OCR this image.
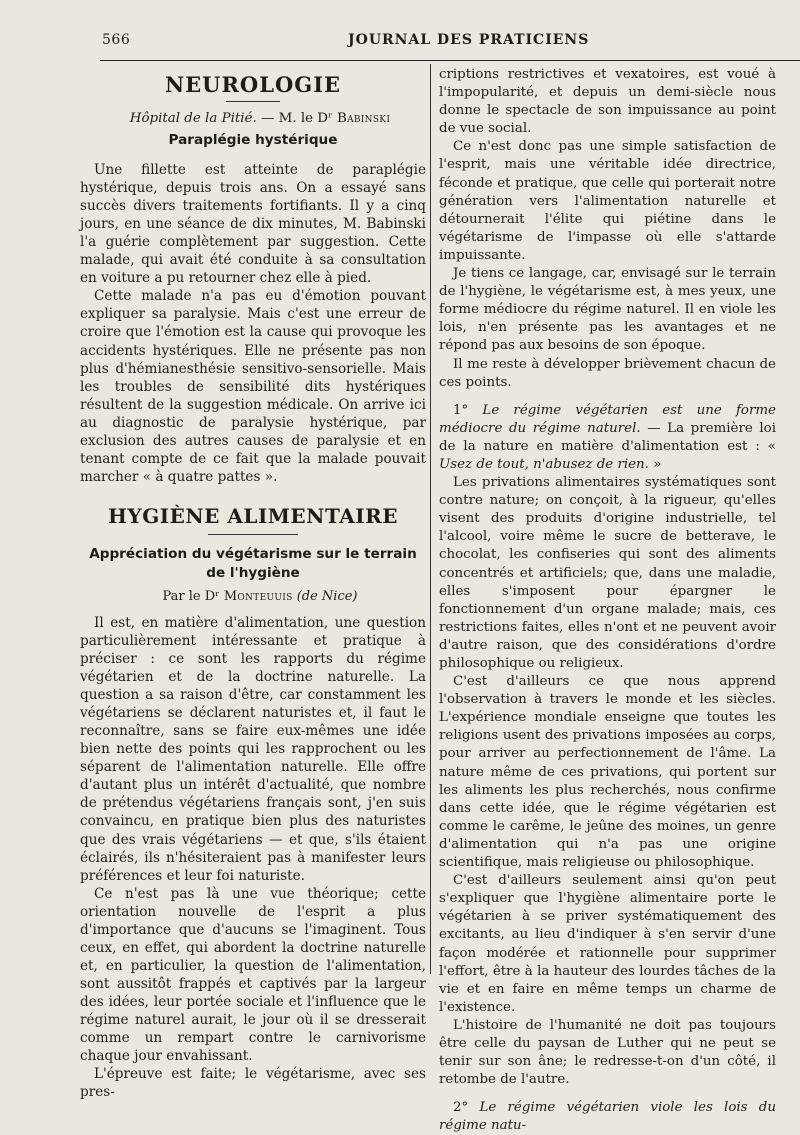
566	JOURNAL DES PRATICIENS
NEUROLOGIE

Hôpital de la Pitié. — M. le Dʳ Babinski

Paraplégie hystérique

Une fillette est atteinte de paraplégie hystérique, depuis trois ans. On a essayé sans succès divers traitements fortifiants. Il y a cinq jours, en une séance de dix minutes, M. Babinski l'a guérie complètement par suggestion. Cette malade, qui avait été conduite à sa consultation en voiture a pu retourner chez elle à pied.

Cette malade n'a pas eu d'émotion pouvant expliquer sa paralysie. Mais c'est une erreur de croire que l'émotion est la cause qui provoque les accidents hystériques. Elle ne présente pas non plus d'hémianesthésie sensitivo-sensorielle. Mais les troubles de sensibilité dits hystériques résultent de la suggestion médicale. On arrive ici au diagnostic de paralysie hystérique, par exclusion des autres causes de paralysie et en tenant compte de ce fait que la malade pouvait marcher « à quatre pattes ».

HYGIÈNE ALIMENTAIRE
Appréciation du végétarisme sur le terrain de l'hygiène

Par le Dʳ Monteuuis (de Nice)

Il est, en matière d'alimentation, une question particulièrement intéressante et pratique à préciser : ce sont les rapports du régime végétarien et de la doctrine naturelle. La question a sa raison d'être, car constamment les végétariens se déclarent naturistes et, il faut le reconnaître, sans se faire eux-mêmes une idée bien nette des points qui les rapprochent ou les séparent de l'alimentation naturelle. Elle offre d'autant plus un intérêt d'actualité, que nombre de prétendus végétariens français sont, j'en suis convaincu, en pratique bien plus des naturistes que des vrais végétariens — et que, s'ils étaient éclairés, ils n'hésiteraient pas à manifester leurs préférences et leur foi naturiste.

Ce n'est pas là une vue théorique; cette orientation nouvelle de l'esprit a plus d'importance que d'aucuns se l'imaginent. Tous ceux, en effet, qui abordent la doctrine naturelle et, en particulier, la question de l'alimentation, sont aussitôt frappés et captivés par la largeur des idées, leur portée sociale et l'influence que le régime naturel aurait, le jour où il se dresserait comme un rempart contre le carnivorisme chaque jour envahissant.

L'épreuve est faite; le végétarisme, avec ses pres-

criptions restrictives et vexatoires, est voué à l'impopularité, et depuis un demi-siècle nous donne le spectacle de son impuissance au point de vue social.

Ce n'est donc pas une simple satisfaction de l'esprit, mais une véritable idée directrice, féconde et pratique, que celle qui porterait notre génération vers l'alimentation naturelle et détournerait l'élite qui piétine dans le végétarisme de l'impasse où elle s'attarde impuissante.

Je tiens ce langage, car, envisagé sur le terrain de l'hygiène, le végétarisme est, à mes yeux, une forme médiocre du régime naturel. Il en viole les lois, n'en présente pas les avantages et ne répond pas aux besoins de son époque.

Il me reste à développer brièvement chacun de ces points.

1° Le régime végétarien est une forme médiocre du régime naturel. — La première loi de la nature en matière d'alimentation est : « Usez de tout, n'abusez de rien. »

Les privations alimentaires systématiques sont contre nature; on conçoit, à la rigueur, qu'elles visent des produits d'origine industrielle, tel l'alcool, voire même le sucre de betterave, le chocolat, les confiseries qui sont des aliments concentrés et artificiels; que, dans une maladie, elles s'imposent pour épargner le fonctionnement d'un organe malade; mais, ces restrictions faites, elles n'ont et ne peuvent avoir d'autre raison, que des considérations d'ordre philosophique ou religieux.

C'est d'ailleurs ce que nous apprend l'observation à travers le monde et les siècles. L'expérience mondiale enseigne que toutes les religions usent des privations imposées au corps, pour arriver au perfectionnement de l'âme. La nature même de ces privations, qui portent sur les aliments les plus recherchés, nous confirme dans cette idée, que le régime végétarien est comme le carême, le jeûne des moines, un genre d'alimentation qui n'a pas une origine scientifique, mais religieuse ou philosophique.

C'est d'ailleurs seulement ainsi qu'on peut s'expliquer que l'hygiène alimentaire porte le végétarien à se priver systématiquement des excitants, au lieu d'indiquer à s'en servir d'une façon modérée et rationnelle pour supprimer l'effort, être à la hauteur des lourdes tâches de la vie et en faire en même temps un charme de l'existence.

L'histoire de l'humanité ne doit pas toujours être celle du paysan de Luther qui ne peut se tenir sur son âne; le redresse-t-on d'un côté, il retombe de l'autre.

2° Le régime végétarien viole les lois du régime natu-
